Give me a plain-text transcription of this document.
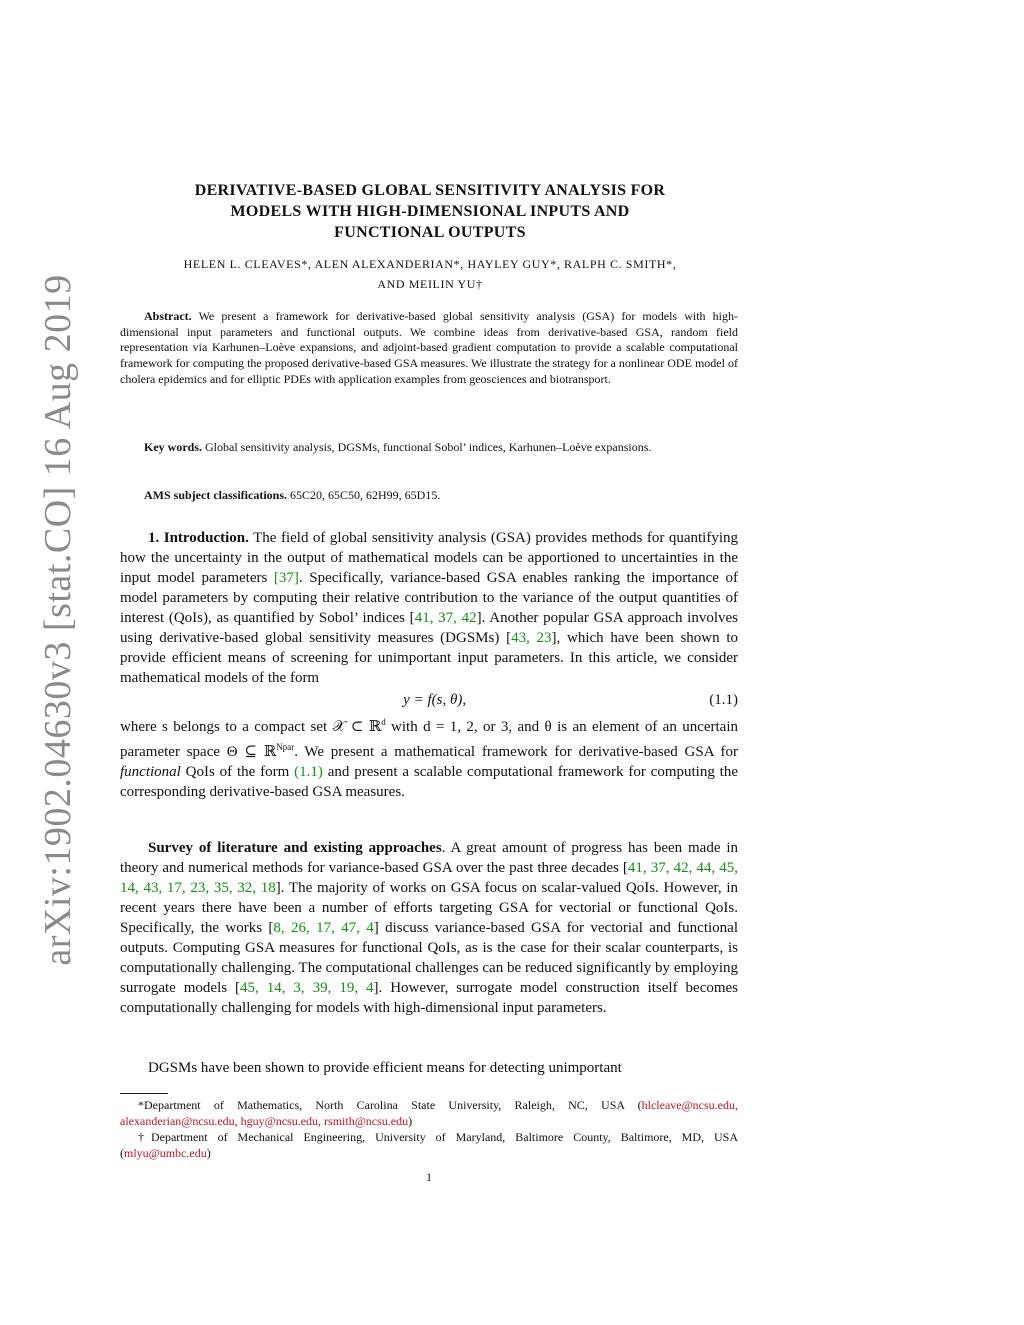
arXiv:1902.04630v3 [stat.CO] 16 Aug 2019
DERIVATIVE-BASED GLOBAL SENSITIVITY ANALYSIS FOR
MODELS WITH HIGH-DIMENSIONAL INPUTS AND
FUNCTIONAL OUTPUTS
HELEN L. CLEAVES*, ALEN ALEXANDERIAN*, HAYLEY GUY*, RALPH C. SMITH*,
AND MEILIN YU†
Abstract. We present a framework for derivative-based global sensitivity analysis (GSA) for models with high-dimensional input parameters and functional outputs. We combine ideas from derivative-based GSA, random field representation via Karhunen–Loève expansions, and adjoint-based gradient computation to provide a scalable computational framework for computing the proposed derivative-based GSA measures. We illustrate the strategy for a nonlinear ODE model of cholera epidemics and for elliptic PDEs with application examples from geosciences and biotransport.
Key words. Global sensitivity analysis, DGSMs, functional Sobol’ indices, Karhunen–Loève expansions.
AMS subject classifications. 65C20, 65C50, 62H99, 65D15.
1. Introduction. The field of global sensitivity analysis (GSA) provides methods for quantifying how the uncertainty in the output of mathematical models can be apportioned to uncertainties in the input model parameters [37]. Specifically, variance-based GSA enables ranking the importance of model parameters by computing their relative contribution to the variance of the output quantities of interest (QoIs), as quantified by Sobol’ indices [41, 37, 42]. Another popular GSA approach involves using derivative-based global sensitivity measures (DGSMs) [43, 23], which have been shown to provide efficient means of screening for unimportant input parameters. In this article, we consider mathematical models of the form
y = f(s, θ),	(1.1)
where s belongs to a compact set 𝒳 ⊂ ℝ$^d$ with d = 1, 2, or 3, and θ is an element of an uncertain parameter space Θ ⊆ ℝ$^{Npar}$. We present a mathematical framework for derivative-based GSA for functional QoIs of the form (1.1) and present a scalable computational framework for computing the corresponding derivative-based GSA measures.
Survey of literature and existing approaches. A great amount of progress has been made in theory and numerical methods for variance-based GSA over the past three decades [41, 37, 42, 44, 45, 14, 43, 17, 23, 35, 32, 18]. The majority of works on GSA focus on scalar-valued QoIs. However, in recent years there have been a number of efforts targeting GSA for vectorial or functional QoIs. Specifically, the works [8, 26, 17, 47, 4] discuss variance-based GSA for vectorial and functional outputs. Computing GSA measures for functional QoIs, as is the case for their scalar counterparts, is computationally challenging. The computational challenges can be reduced significantly by employing surrogate models [45, 14, 3, 39, 19, 4]. However, surrogate model construction itself becomes computationally challenging for models with high-dimensional input parameters.
DGSMs have been shown to provide efficient means for detecting unimportant
*Department of Mathematics, North Carolina State University, Raleigh, NC, USA (hlcleave@ncsu.edu, alexanderian@ncsu.edu, hguy@ncsu.edu, rsmith@ncsu.edu)
†Department of Mechanical Engineering, University of Maryland, Baltimore County, Baltimore, MD, USA (mlyu@umbc.edu)
1
